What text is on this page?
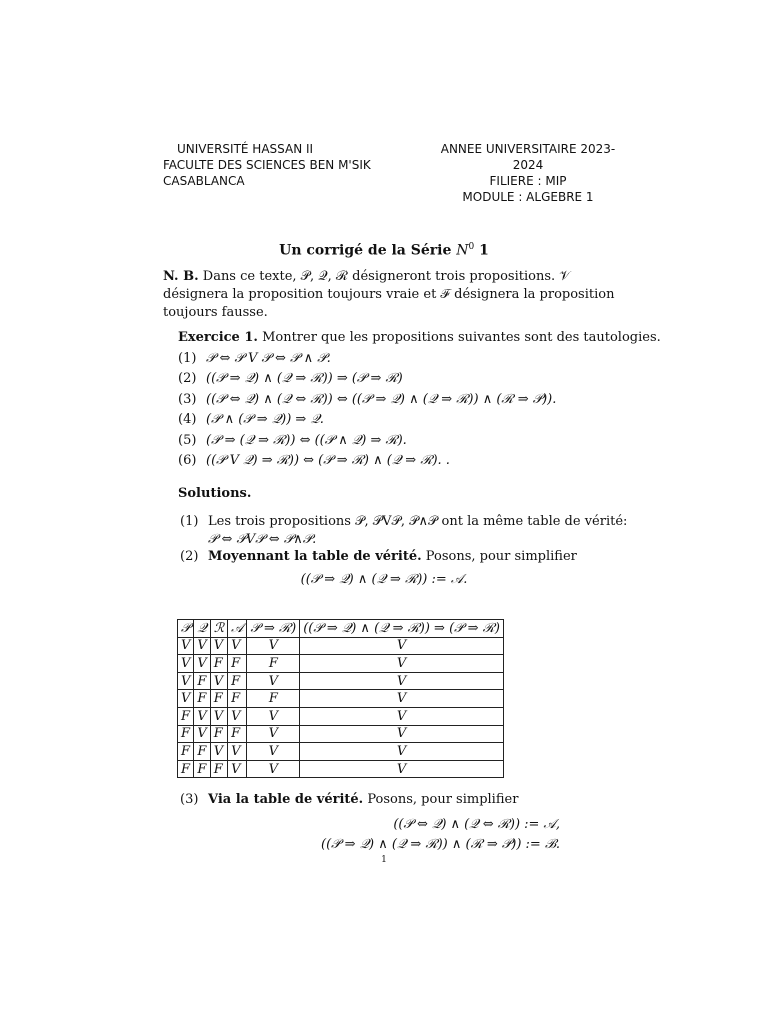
UNIVERSITÉ HASSAN II
FACULTE DES SCIENCES BEN M'SIK
CASABLANCA
ANNEE UNIVERSITAIRE 2023-2024
FILIERE : MIP
MODULE : ALGEBRE 1
Un corrigé de la Série $N^0$ 1
N. B. Dans ce texte, 𝒫, 𝒬, ℛ désigneront trois propositions. 𝒱 désignera la proposition toujours vraie et ℱ désignera la proposition toujours fausse.
Exercice 1. Montrer que les propositions suivantes sont des tautologies.
(1) 𝒫 ⇔ 𝒫 V 𝒫 ⇔ 𝒫 ∧ 𝒫.
(2) ((𝒫 ⇒ 𝒬) ∧ (𝒬 ⇒ ℛ)) ⇒ (𝒫 ⇒ ℛ)
(3) ((𝒫 ⇔ 𝒬) ∧ (𝒬 ⇔ ℛ)) ⇔ ((𝒫 ⇒ 𝒬) ∧ (𝒬 ⇒ ℛ)) ∧ (ℛ ⇒ 𝒫)).
(4) (𝒫 ∧ (𝒫 ⇒ 𝒬)) ⇒ 𝒬.
(5) (𝒫 ⇒ (𝒬 ⇒ ℛ)) ⇔ ((𝒫 ∧ 𝒬) ⇒ ℛ).
(6) ((𝒫 V 𝒬) ⇒ ℛ)) ⇔ (𝒫 ⇒ ℛ) ∧ (𝒬 ⇒ ℛ). .
Solutions.
(1) Les trois propositions 𝒫, 𝒫V𝒫, 𝒫∧𝒫 ont la même table de vérité:
𝒫 ⇔ 𝒫V𝒫 ⇔ 𝒫∧𝒫.
(2) Moyennant la table de vérité. Posons, pour simplifier
((𝒫 ⇒ 𝒬) ∧ (𝒬 ⇒ ℛ)) := 𝒜.
𝒫	𝒬	ℛ	𝒜	𝒫 ⇒ ℛ)	((𝒫 ⇒ 𝒬) ∧ (𝒬 ⇒ ℛ)) ⇒ (𝒫 ⇒ ℛ)
V	V	V	V	V	V
V	V	F	F	F	V
V	F	V	F	V	V
V	F	F	F	F	V
F	V	V	V	V	V
F	V	F	F	V	V
F	F	V	V	V	V
F	F	F	V	V	V
(3) Via la table de vérité. Posons, pour simplifier
((𝒫 ⇔ 𝒬) ∧ (𝒬 ⇔ ℛ)) := 𝒜,
((𝒫 ⇒ 𝒬) ∧ (𝒬 ⇒ ℛ)) ∧ (ℛ ⇒ 𝒫)) := ℬ.
1
